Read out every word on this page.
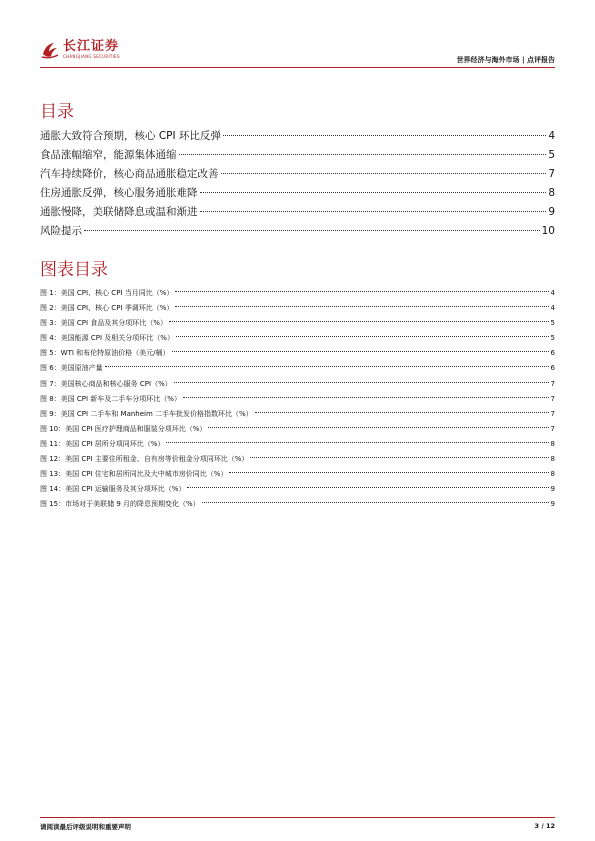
长江证券
CHANGJIANG SECURITIES	世界经济与海外市场 | 点评报告
目录
通胀大致符合预期，核心 CPI 环比反弹	4
食品涨幅缩窄，能源集体通缩	5
汽车持续降价，核心商品通胀稳定改善	7
住房通胀反弹，核心服务通胀难降	8
通胀慢降，美联储降息或温和渐进	9
风险提示	10
图表目录
图 1：美国 CPI、核心 CPI 当月同比（%）	4
图 2：美国 CPI、核心 CPI 季调环比（%）	4
图 3：美国 CPI 食品及其分项环比（%）	5
图 4：美国能源 CPI 及相关分项环比（%）	5
图 5：WTI 和布伦特原油价格（美元/桶）	6
图 6：美国原油产量	6
图 7：美国核心商品和核心服务 CPI（%）	7
图 8：美国 CPI 新车及二手车分项环比（%）	7
图 9：美国 CPI 二手车和 Manheim 二手车批发价格指数环比（%）	7
图 10：美国 CPI 医疗护理商品和服装分项环比（%）	7
图 11：美国 CPI 居所分项同环比（%）	8
图 12：美国 CPI 主要住所租金、自有房等价租金分项同环比（%）	8
图 13：美国 CPI 住宅和居所同比及大中城市房价同比（%）	8
图 14：美国 CPI 运输服务及其分项环比（%）	9
图 15：市场对于美联储 9 月的降息预期变化（%）	9
请阅读最后评级说明和重要声明	3 / 12
